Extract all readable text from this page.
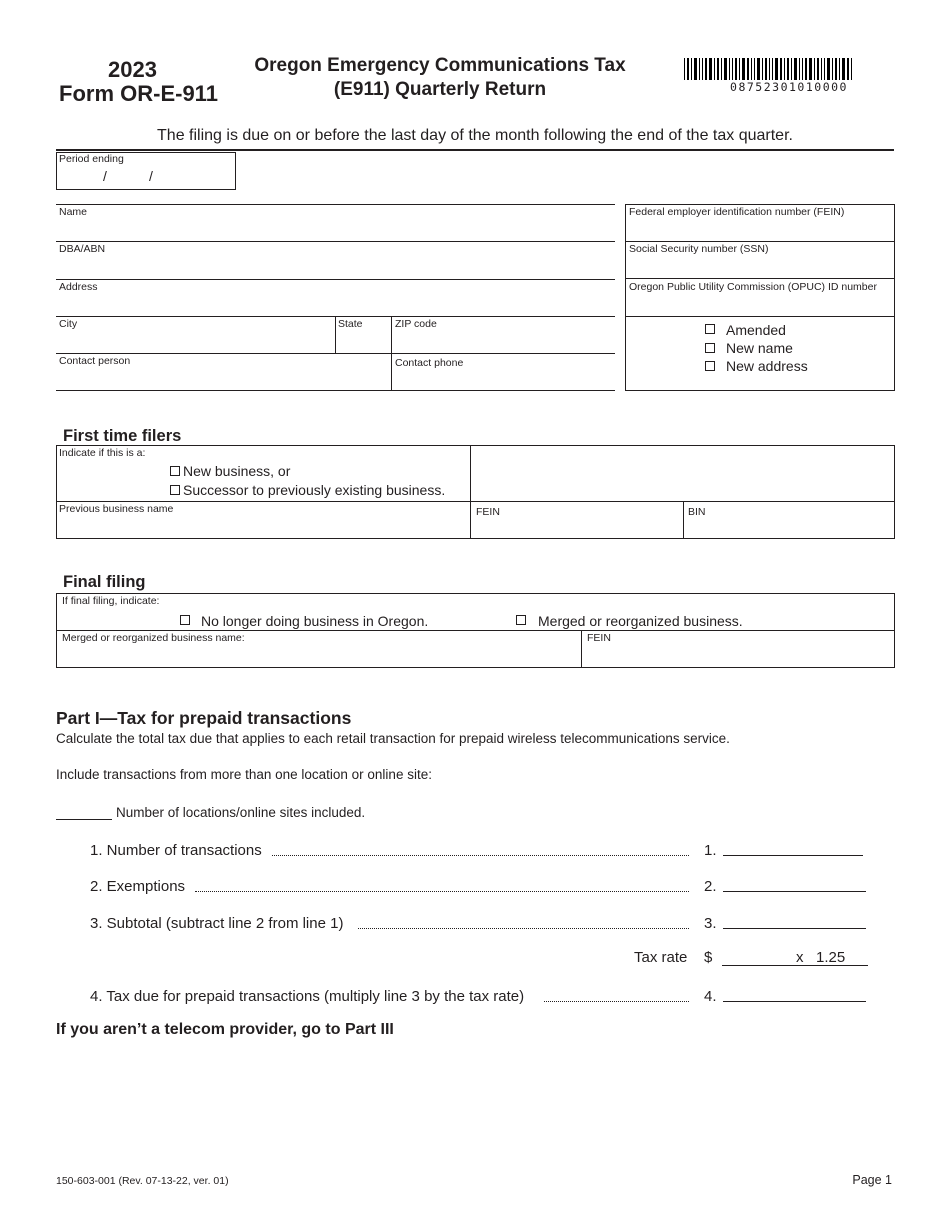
2023
Form OR-E-911
Oregon Emergency Communications Tax
(E911) Quarterly Return	08752301010000
The filing is due on or before the last day of the month following the end of the tax quarter.
Period ending
/	/
Name
DBA/ABN
Address
City	State	ZIP code
Contact person	Contact phone
Federal employer identification number (FEIN)
Social Security number (SSN)
Oregon Public Utility Commission (OPUC) ID number
Amended
New name
New address
First time filers
Indicate if this is a:
New business, or
Successor to previously existing business.
Previous business name	FEIN	BIN
Final filing
If final filing, indicate:
No longer doing business in Oregon.	Merged or reorganized business.
Merged or reorganized business name:	FEIN
Part I—Tax for prepaid transactions
Calculate the total tax due that applies to each retail transaction for prepaid wireless telecommunications service.
Include transactions from more than one location or online site:
Number of locations/online sites included.
1. Number of transactions	1.
2. Exemptions	2.
3. Subtotal (subtract line 2 from line 1)	3.
Tax rate $	x   1.25
4. Tax due for prepaid transactions (multiply line 3 by the tax rate)	4.
If you aren’t a telecom provider, go to Part III
150-603-001 (Rev. 07-13-22, ver. 01)	Page 1
